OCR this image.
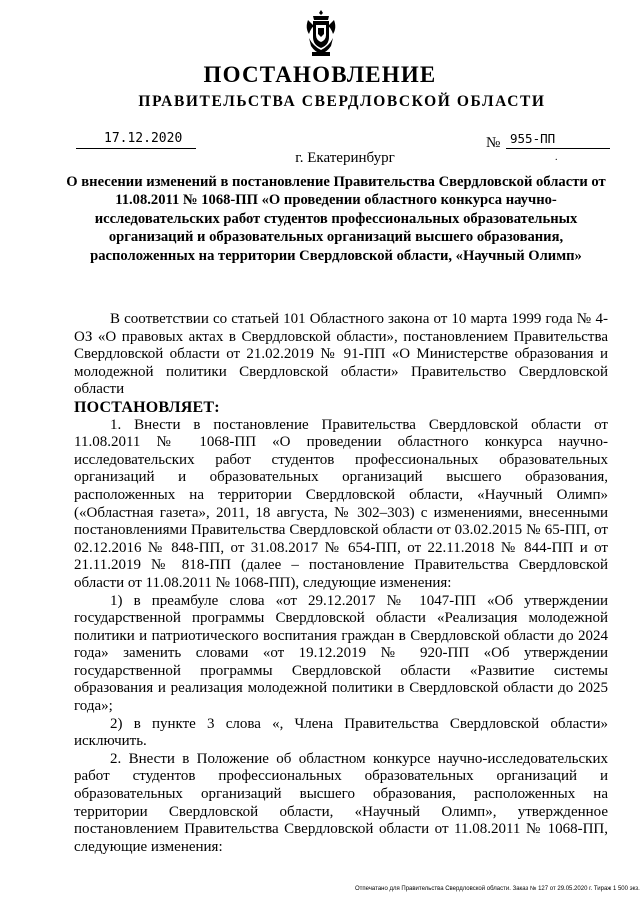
ПОСТАНОВЛЕНИЕ
ПРАВИТЕЛЬСТВА СВЕРДЛОВСКОЙ ОБЛАСТИ
17.12.2020	№ 955-ПП
г. Екатеринбург	.
О внесении изменений в постановление Правительства Свердловской области от 11.08.2011 № 1068-ПП «О проведении областного конкурса научно-исследовательских работ студентов профессиональных образовательных организаций и образовательных организаций высшего образования, расположенных на территории Свердловской области, «Научный Олимп»

В соответствии со статьей 101 Областного закона от 10 марта 1999 года № 4-ОЗ «О правовых актах в Свердловской области», постановлением Правительства Свердловской области от 21.02.2019 № 91-ПП «О Министерстве образования и молодежной политики Свердловской области» Правительство Свердловской области

ПОСТАНОВЛЯЕТ:

1. Внести в постановление Правительства Свердловской области от 11.08.2011 № 1068-ПП «О проведении областного конкурса научно-исследовательских работ студентов профессиональных образовательных организаций и образовательных организаций высшего образования, расположенных на территории Свердловской области, «Научный Олимп» («Областная газета», 2011, 18 августа, № 302–303) с изменениями, внесенными постановлениями Правительства Свердловской области от 03.02.2015 № 65-ПП, от 02.12.2016 № 848-ПП, от 31.08.2017 № 654-ПП, от 22.11.2018 № 844-ПП и от 21.11.2019 № 818-ПП (далее – постановление Правительства Свердловской области от 11.08.2011 № 1068-ПП), следующие изменения:

1) в преамбуле слова «от 29.12.2017 № 1047-ПП «Об утверждении государственной программы Свердловской области «Реализация молодежной политики и патриотического воспитания граждан в Свердловской области до 2024 года» заменить словами «от 19.12.2019 № 920-ПП «Об утверждении государственной программы Свердловской области «Развитие системы образования и реализация молодежной политики в Свердловской области до 2025 года»;

2) в пункте 3 слова «, Члена Правительства Свердловской области» исключить.

2. Внести в Положение об областном конкурсе научно-исследовательских работ студентов профессиональных образовательных организаций и образовательных организаций высшего образования, расположенных на территории Свердловской области, «Научный Олимп», утвержденное постановлением Правительства Свердловской области от 11.08.2011 № 1068-ПП, следующие изменения:

Отпечатано для Правительства Свердловской области. Заказ № 127 от 29.05.2020 г. Тираж 1 500 экз.
